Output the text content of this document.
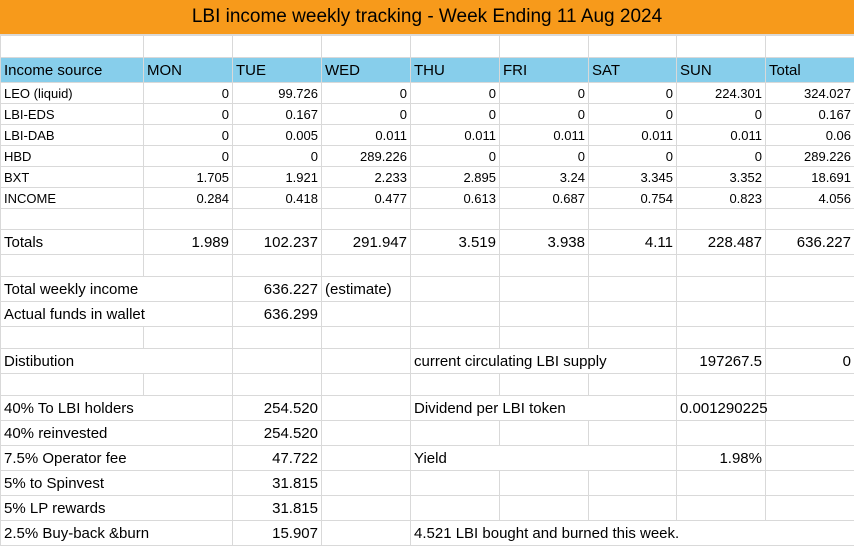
LBI income weekly tracking - Week Ending 11 Aug 2024

Income source	MON	TUE	WED	THU	FRI	SAT	SUN	Total
LEO (liquid)	0	99.726	0	0	0	0	224.301	324.027
LBI-EDS	0	0.167	0	0	0	0	0	0.167
LBI-DAB	0	0.005	0.011	0.011	0.011	0.011	0.011	0.06
HBD	0	0	289.226	0	0	0	0	289.226
BXT	1.705	1.921	2.233	2.895	3.24	3.345	3.352	18.691
INCOME	0.284	0.418	0.477	0.613	0.687	0.754	0.823	4.056

Totals	1.989	102.237	291.947	3.519	3.938	4.11	228.487	636.227

Total weekly income		636.227	(estimate)					
Actual funds in wallet		636.299						

Distibution				current circulating LBI supply			197267.5	0

40% To LBI holders		254.520		Dividend per LBI token			0.001290225	
40% reinvested		254.520						
7.5% Operator fee		47.722		Yield			1.98%	
5% to Spinvest		31.815						
5% LP rewards		31.815						
2.5% Buy-back &burn		15.907		4.521 LBI bought and burned this week.				
